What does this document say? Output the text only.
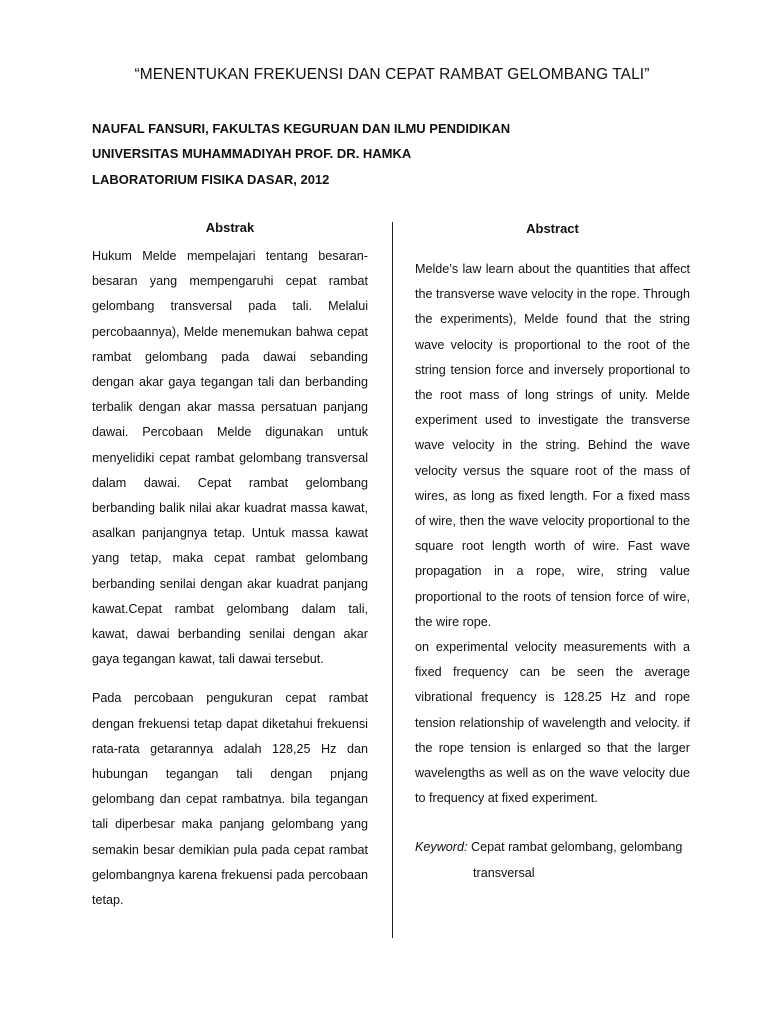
“MENENTUKAN FREKUENSI DAN CEPAT RAMBAT GELOMBANG TALI”
NAUFAL FANSURI, FAKULTAS KEGURUAN DAN ILMU PENDIDIKAN
UNIVERSITAS MUHAMMADIYAH PROF. DR. HAMKA
LABORATORIUM FISIKA DASAR, 2012
Abstrak

Hukum Melde mempelajari tentang besaran-besaran yang mempengaruhi cepat rambat gelombang transversal pada tali. Melalui percobaannya), Melde menemukan bahwa cepat rambat gelombang pada dawai sebanding dengan akar gaya tegangan tali dan berbanding terbalik dengan akar massa persatuan panjang dawai. Percobaan Melde digunakan untuk menyelidiki cepat rambat gelombang transversal dalam dawai. Cepat rambat gelombang berbanding balik nilai akar kuadrat massa kawat, asalkan panjangnya tetap. Untuk massa kawat yang tetap, maka cepat rambat gelombang berbanding senilai dengan akar kuadrat panjang kawat.Cepat rambat gelombang dalam tali, kawat, dawai berbanding senilai dengan akar gaya tegangan kawat, tali dawai tersebut.

Pada percobaan pengukuran cepat rambat dengan frekuensi tetap dapat diketahui frekuensi rata-rata getarannya adalah 128,25 Hz dan hubungan tegangan tali dengan pnjang gelombang dan cepat rambatnya. bila tegangan tali diperbesar maka panjang gelombang yang semakin besar demikian pula pada cepat rambat gelombangnya karena frekuensi pada percobaan tetap.

Abstract

Melde’s law learn about the quantities that affect the transverse wave velocity in the rope. Through the experiments), Melde found that the string wave velocity is proportional to the root of the string tension force and inversely proportional to the root mass of long strings of unity. Melde experiment used to investigate the transverse wave velocity in the string. Behind the wave velocity versus the square root of the mass of wires, as long as fixed length. For a fixed mass of wire, then the wave velocity proportional to the square root length worth of wire. Fast wave propagation in a rope, wire, string value proportional to the roots of tension force of wire, the wire rope.

on experimental velocity measurements with a fixed frequency can be seen the average vibrational frequency is 128.25 Hz and rope tension relationship of wavelength and velocity. if the rope tension is enlarged so that the larger wavelengths as well as on the wave velocity due to frequency at fixed experiment.

Keyword: Cepat rambat gelombang, gelombang
transversal
